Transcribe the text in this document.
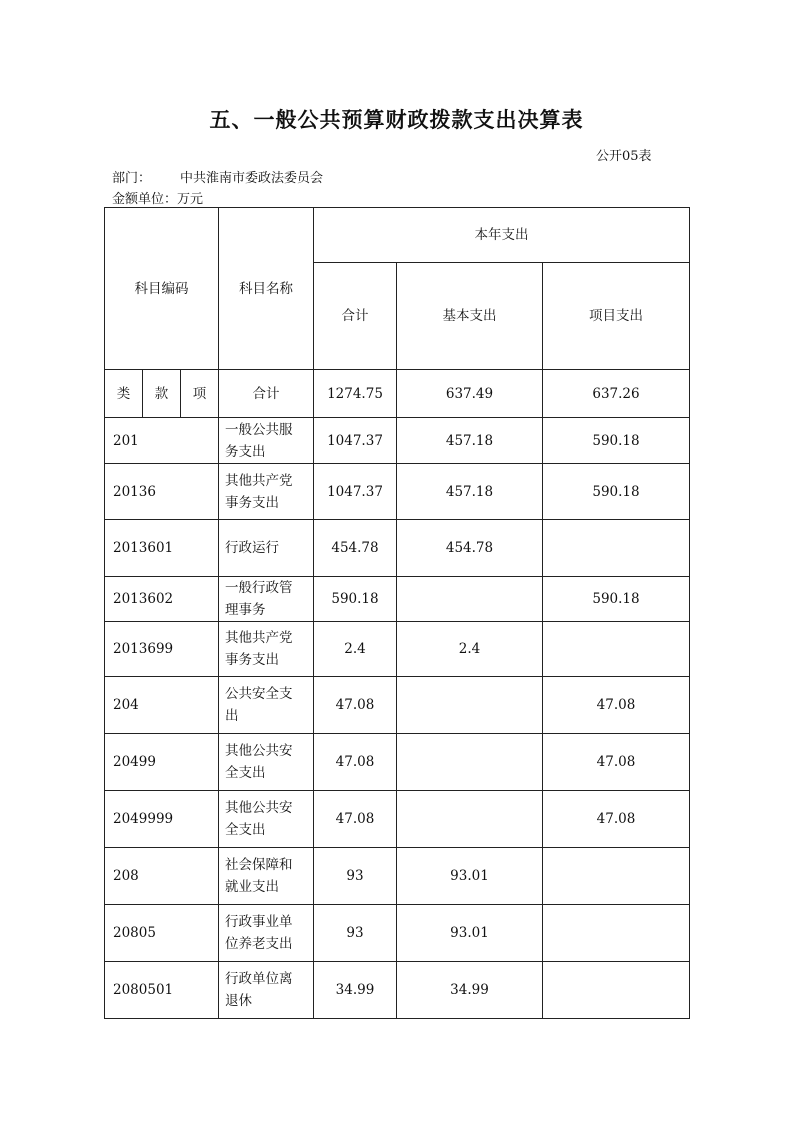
五、一般公共预算财政拨款支出决算表
公开05表
部门： 中共淮南市委政法委员会
金额单位：万元
科目编码			科目名称	本年支出		
				合计	基本支出	项目支出
类	款	项	合计	1274.75	637.49	637.26
201			一般公共服务支出	1047.37	457.18	590.18
20136			其他共产党事务支出	1047.37	457.18	590.18
2013601			行政运行	454.78	454.78	
2013602			一般行政管理事务	590.18		590.18
2013699			其他共产党事务支出	2.4	2.4	
204			公共安全支出	47.08		47.08
20499			其他公共安全支出	47.08		47.08
2049999			其他公共安全支出	47.08		47.08
208			社会保障和就业支出	93	93.01	
20805			行政事业单位养老支出	93	93.01	
2080501			行政单位离退休	34.99	34.99	
